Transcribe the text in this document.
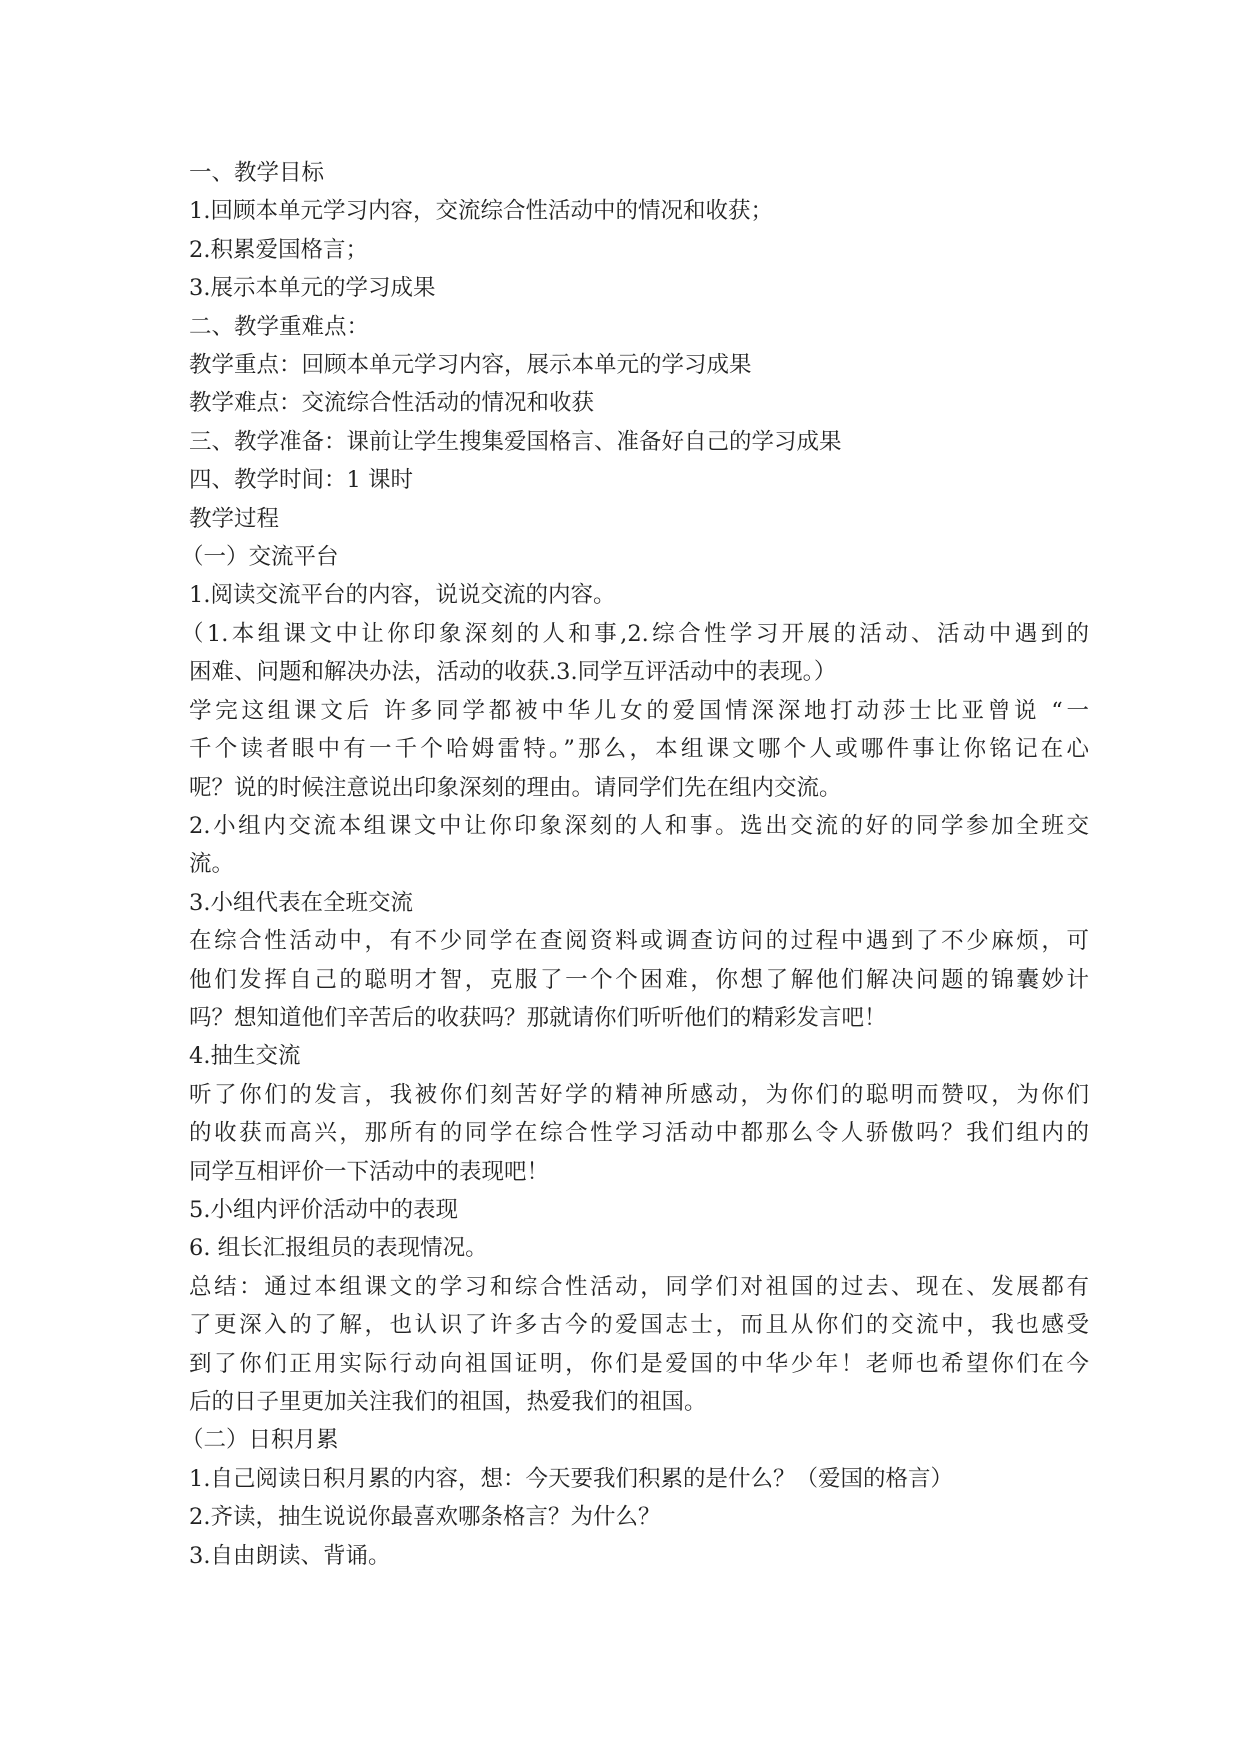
一、教学目标

1.回顾本单元学习内容，交流综合性活动中的情况和收获；

2.积累爱国格言；

3.展示本单元的学习成果

二、教学重难点：

教学重点：回顾本单元学习内容，展示本单元的学习成果

教学难点：交流综合性活动的情况和收获

三、教学准备：课前让学生搜集爱国格言、准备好自己的学习成果

四、教学时间：1 课时

教学过程

（一）交流平台

1.阅读交流平台的内容，说说交流的内容。

（1.本组课文中让你印象深刻的人和事,2.综合性学习开展的活动、活动中遇到的

困难、问题和解决办法，活动的收获.3.同学互评活动中的表现。）

学完这组课文后 许多同学都被中华儿女的爱国情深深地打动莎士比亚曾说 “一

千个读者眼中有一千个哈姆雷特。”那么，本组课文哪个人或哪件事让你铭记在心

呢？说的时候注意说出印象深刻的理由。请同学们先在组内交流。

2.小组内交流本组课文中让你印象深刻的人和事。选出交流的好的同学参加全班交

流。

3.小组代表在全班交流

在综合性活动中，有不少同学在查阅资料或调查访问的过程中遇到了不少麻烦，可

他们发挥自己的聪明才智，克服了一个个困难，你想了解他们解决问题的锦囊妙计

吗？想知道他们辛苦后的收获吗？那就请你们听听他们的精彩发言吧！

4.抽生交流

听了你们的发言，我被你们刻苦好学的精神所感动，为你们的聪明而赞叹，为你们

的收获而高兴，那所有的同学在综合性学习活动中都那么令人骄傲吗？我们组内的

同学互相评价一下活动中的表现吧！

5.小组内评价活动中的表现

6. 组长汇报组员的表现情况。

总结：通过本组课文的学习和综合性活动，同学们对祖国的过去、现在、发展都有

了更深入的了解，也认识了许多古今的爱国志士，而且从你们的交流中，我也感受

到了你们正用实际行动向祖国证明，你们是爱国的中华少年！老师也希望你们在今

后的日子里更加关注我们的祖国，热爱我们的祖国。

（二）日积月累

1.自己阅读日积月累的内容，想：今天要我们积累的是什么？（爱国的格言）

2.齐读，抽生说说你最喜欢哪条格言？为什么？

3.自由朗读、背诵。
